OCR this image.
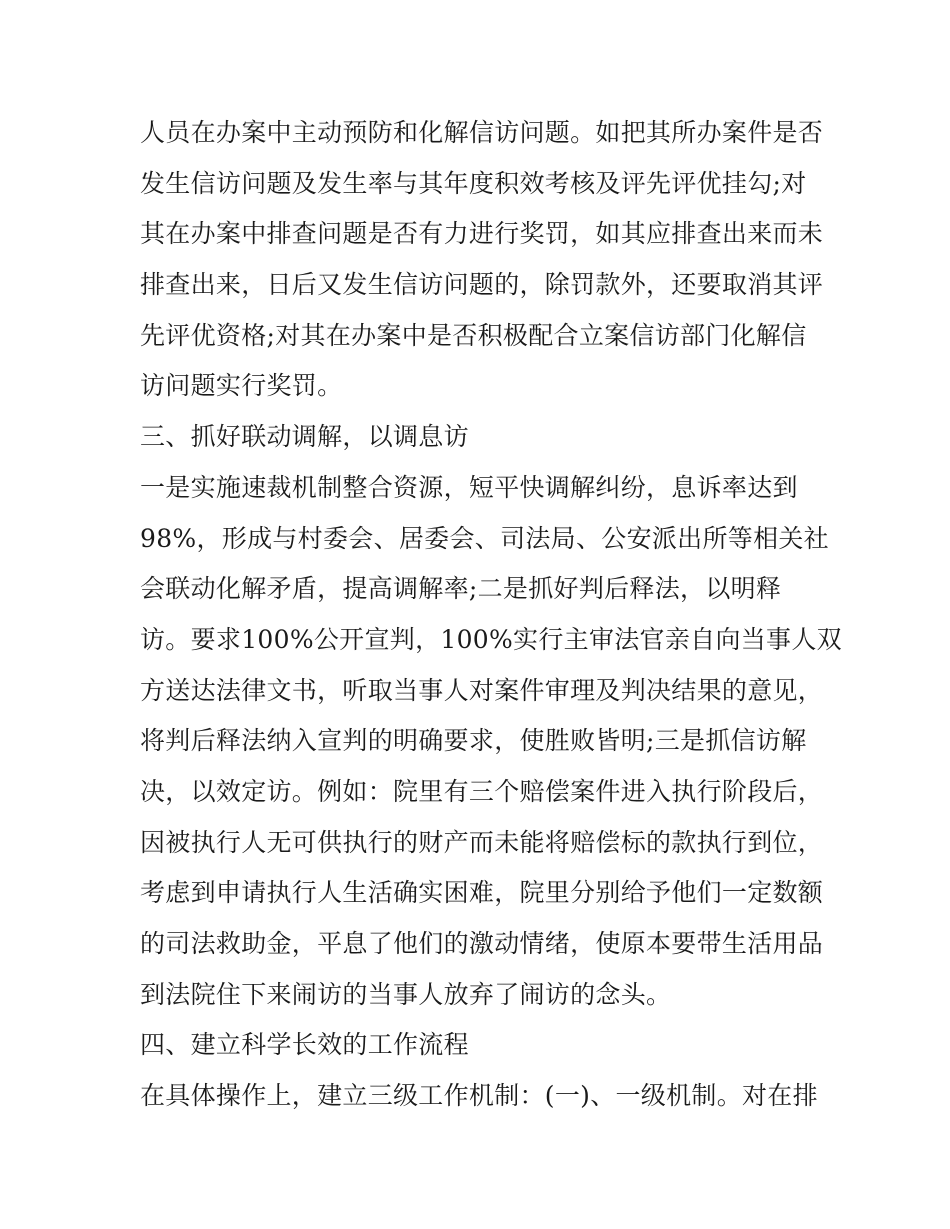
人员在办案中主动预防和化解信访问题。如把其所办案件是否
发生信访问题及发生率与其年度积效考核及评先评优挂勾;对
其在办案中排查问题是否有力进行奖罚，如其应排查出来而未
排查出来，日后又发生信访问题的，除罚款外，还要取消其评
先评优资格;对其在办案中是否积极配合立案信访部门化解信
访问题实行奖罚。
三、抓好联动调解，以调息访
一是实施速裁机制整合资源，短平快调解纠纷，息诉率达到
98%，形成与村委会、居委会、司法局、公安派出所等相关社
会联动化解矛盾，提高调解率;二是抓好判后释法，以明释
访。要求100%公开宣判，100%实行主审法官亲自向当事人双
方送达法律文书，听取当事人对案件审理及判决结果的意见，
将判后释法纳入宣判的明确要求，使胜败皆明;三是抓信访解
决，以效定访。例如：院里有三个赔偿案件进入执行阶段后，
因被执行人无可供执行的财产而未能将赔偿标的款执行到位，
考虑到申请执行人生活确实困难，院里分别给予他们一定数额
的司法救助金，平息了他们的激动情绪，使原本要带生活用品
到法院住下来闹访的当事人放弃了闹访的念头。
四、建立科学长效的工作流程
在具体操作上，建立三级工作机制：(一)、一级机制。对在排
